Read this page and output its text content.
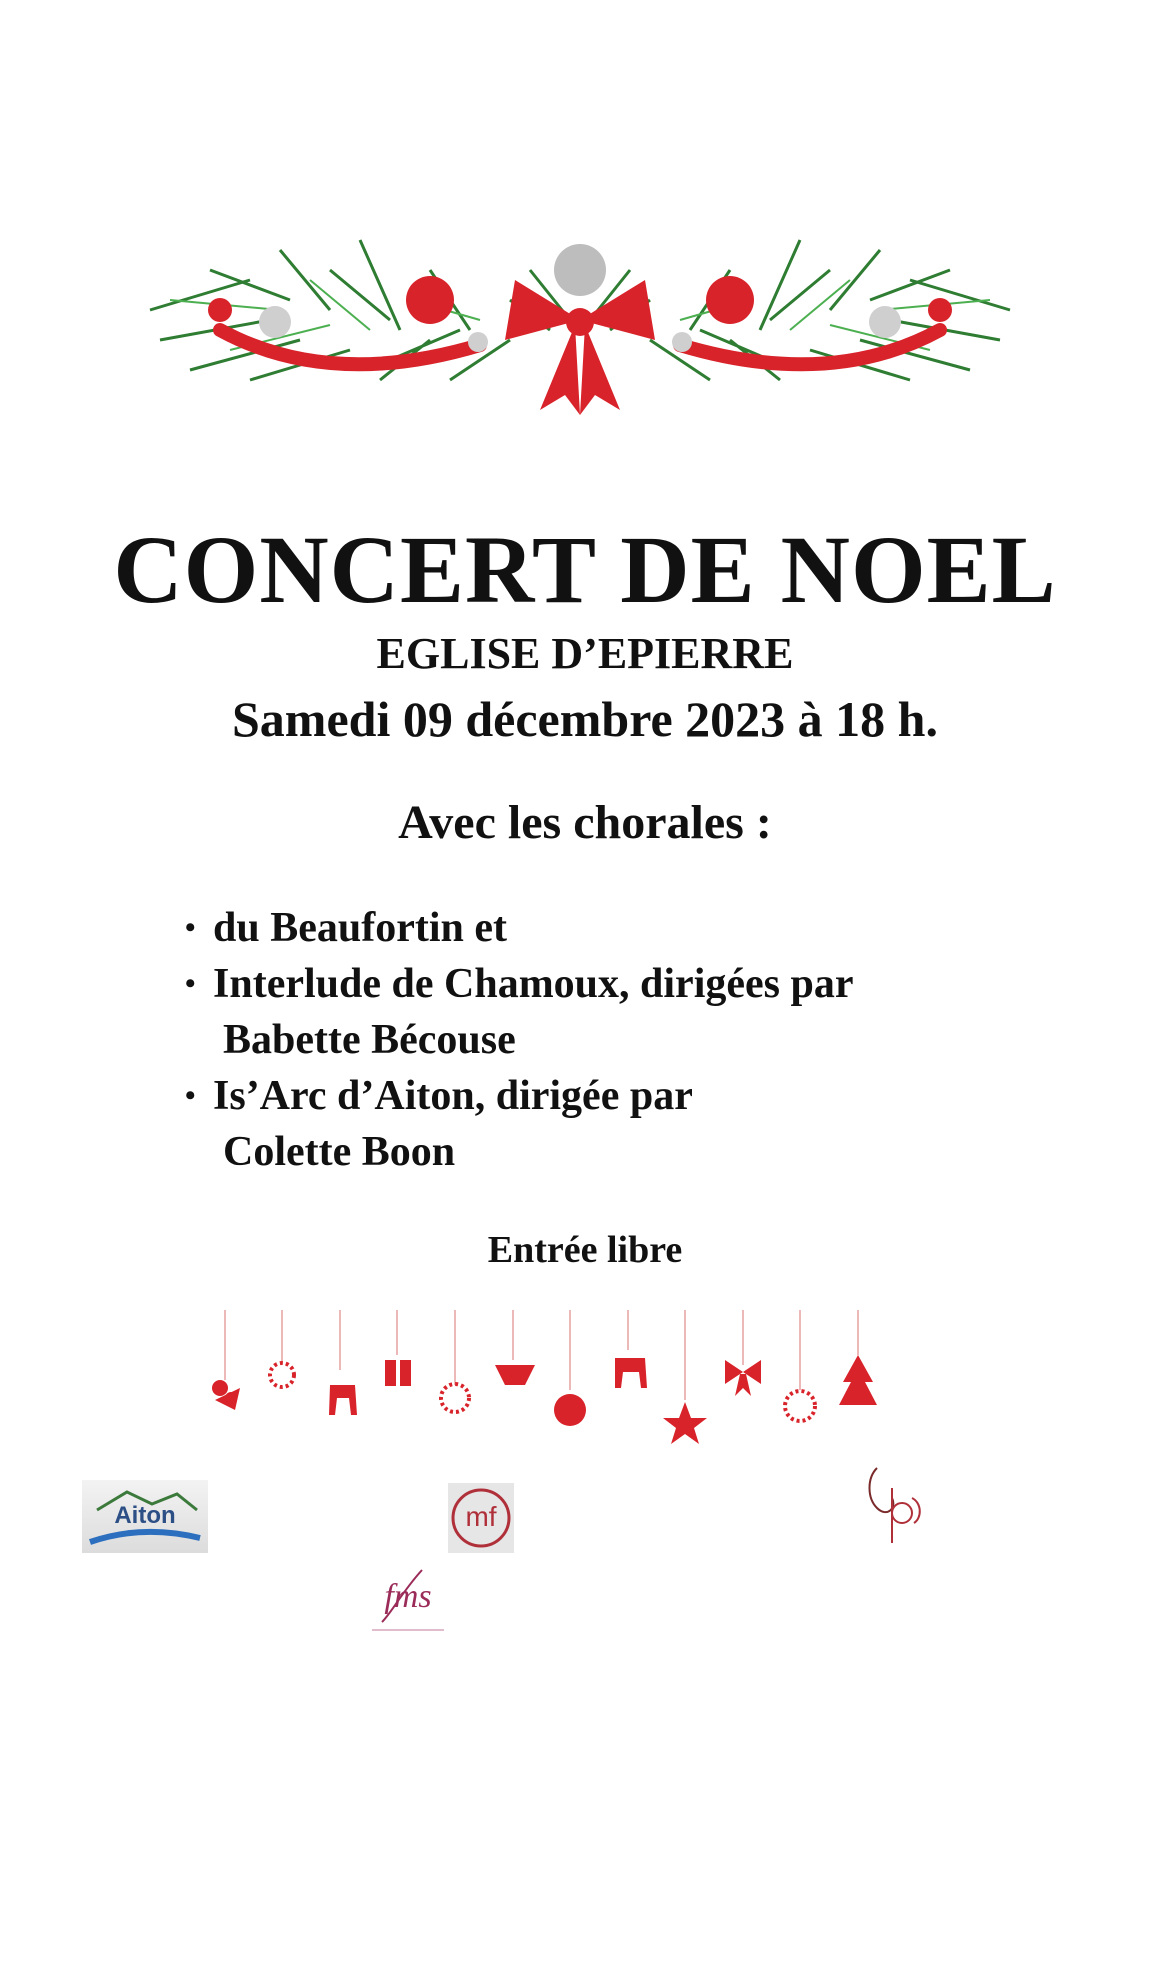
CONCERT DE NOEL
EGLISE D’EPIERRE
Samedi 09 décembre 2023 à 18 h.
Avec les chorales :
• du Beaufortin et
• Interlude de Chamoux, dirigées par
Babette Bécouse
• Is’Arc d’Aiton, dirigée par
Colette Boon
Entrée libre
Aiton	mf
fms
